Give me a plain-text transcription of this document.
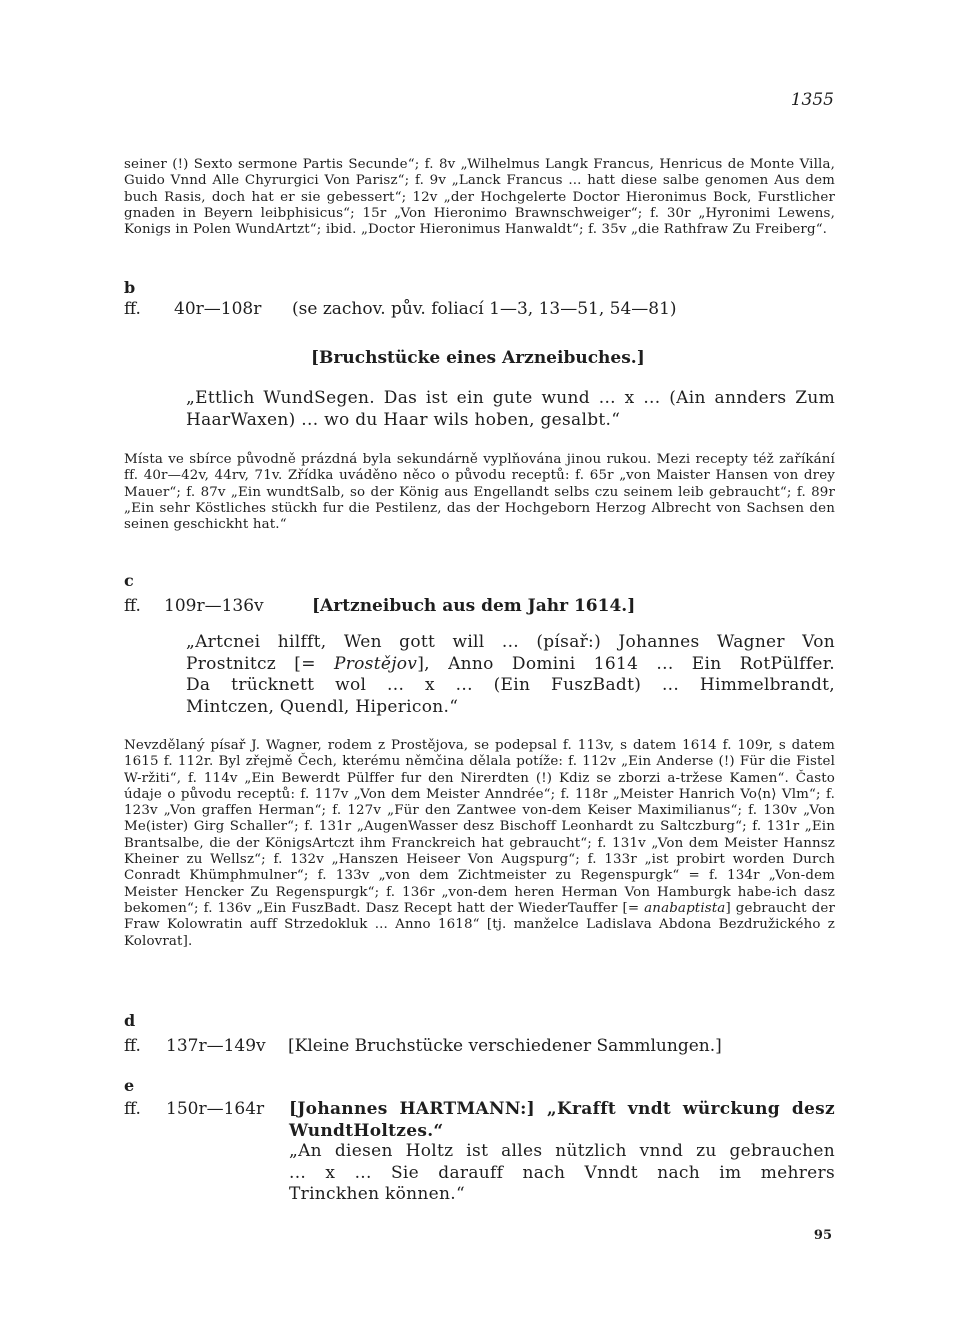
1355
seiner (!) Sexto sermone Partis Secunde“; f. 8v „Wilhelmus Langk Francus, Henricus de Monte Villa, Guido Vnnd Alle Chyrurgici Von Parisz“; f. 9v „Lanck Francus ... hatt diese salbe genomen Aus dem buch Rasis, doch hat er sie gebessert“; 12v „der Hochgelerte Doctor Hieronimus Bock, Furstlicher gnaden in Beyern leibphisicus“; 15r „Von Hieronimo Brawnschweiger“; f. 30r „Hyronimi Lewens, Konigs in Polen WundArtzt“; ibid. „Doctor Hieronimus Hanwaldt“; f. 35v „die Rathfraw Zu Freiberg“.
b
ff. 40r—108r (se zachov. pův. foliací 1—3, 13—51, 54—81)
[Bruchstücke eines Arzneibuches.]
„Ettlich WundSegen. Das ist ein gute wund ... x ... (Ain annders Zum HaarWaxen) ... wo du Haar wils hoben, gesalbt.“
Místa ve sbírce původně prázdná byla sekundárně vyplňována jinou rukou. Mezi recepty též zaříkání ff. 40r—42v, 44rv, 71v. Zřídka uváděno něco o původu receptů: f. 65r „von Maister Hansen von drey Mauer“; f. 87v „Ein wundtSalb, so der König aus Engellandt selbs czu seinem leib gebraucht“; f. 89r „Ein sehr Köstliches stückh fur die Pestilenz, das der Hochgeborn Herzog Albrecht von Sachsen den seinen geschickht hat.“
c
ff. 109r—136v	[Artzneibuch aus dem Jahr 1614.]
„Artcnei hilfft, Wen gott will ... (písař:) Johannes Wagner Von
Prostnitcz [= Prostějov], Anno Domini 1614 ... Ein RotPülffer.
Da trücknett wol ... x ... (Ein FuszBadt) ... Himmelbrandt,
Mintczen, Quendl, Hipericon.“
Nevzdělaný písař J. Wagner, rodem z Prostějova, se podepsal f. 113v, s datem 1614 f. 109r, s datem 1615 f. 112r. Byl zřejmě Čech, kterému němčina dělala potíže: f. 112v „Ein Anderse (!) Für die Fistel W-ržiti“, f. 114v „Ein Bewerdt Pülffer fur den Nirerdten (!) Kdiz se zborzi a-tržese Kamen“. Často údaje o původu receptů: f. 117v „Von dem Meister Anndrée“; f. 118r „Meister Hanrich Vo⟨n⟩ Vlm“; f. 123v „Von graffen Herman“; f. 127v „Für den Zantwee von-dem Keiser Maximilianus“; f. 130v „Von Me(ister) Girg Schaller“; f. 131r „AugenWasser desz Bischoff Leonhardt zu Saltczburg“; f. 131r „Ein Brantsalbe, die der KönigsArtczt ihm Franckreich hat gebraucht“; f. 131v „Von dem Meister Hannsz Kheiner zu Wellsz“; f. 132v „Hanszen Heiseer Von Augspurg“; f. 133r „ist probirt worden Durch Conradt Khümphmulner“; f. 133v „von dem Zichtmeister zu Regenspurgk“ = f. 134r „Von-dem Meister Hencker Zu Regenspurgk“; f. 136r „von-dem heren Herman Von Hamburgk habe-ich dasz bekomen“; f. 136v „Ein FuszBadt. Dasz Recept hatt der WiederTauffer [= anabaptista] gebraucht der Fraw Kolowratin auff Strzedokluk ... Anno 1618“ [tj. manželce Ladislava Abdona Bezdružického z Kolovrat].
d
ff. 137r—149v [Kleine Bruchstücke verschiedener Sammlungen.]
e
ff. 150r—164r [Johannes HARTMANN:] „Krafft vndt würckung desz
WundtHoltzes.“
„An diesen Holtz ist alles nützlich vnnd zu gebrauchen
... x ... Sie darauff nach Vnndt nach im mehrers
Trinckhen können.“
95
